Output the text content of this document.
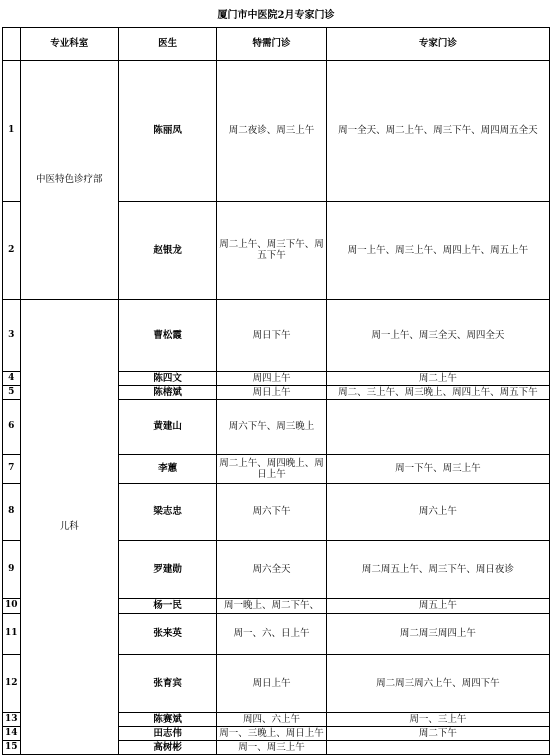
厦门市中医院2月专家门诊				
	专业科室	医生	特需门诊	专家门诊
1	中医特色诊疗部	陈丽凤	周二夜诊、周三上午	周一全天、周二上午、周三下午、周四周五全天
2		赵银龙	周二上午、周三下午、周五下午	周一上午、周三上午、周四上午、周五上午
3	儿科	曹松霞	周日下午	周一上午、周三全天、周四全天
4		陈四文	周四上午	周二上午
5		陈榕斌	周日上午	周二、三上午、周三晚上、周四上午、周五下午
6		黄建山	周六下午、周三晚上	
7		李蕙	周二上午、周四晚上、周日上午	周一下午、周三上午
8		梁志忠	周六下午	周六上午
9		罗建勋	周六全天	周二周五上午、周三下午、周日夜诊
10		杨一民	周一晚上、周二下午、	周五上午
11		张来英	周一、六、日上午	周二周三周四上午
12		张育宾	周日上午	周二周三周六上午、周四下午
13		陈赛斌	周四、六上午	周一、三上午
14		田志伟	周一、三晚上、周日上午	周二下午
15		高树彬	周一、周三上午	
